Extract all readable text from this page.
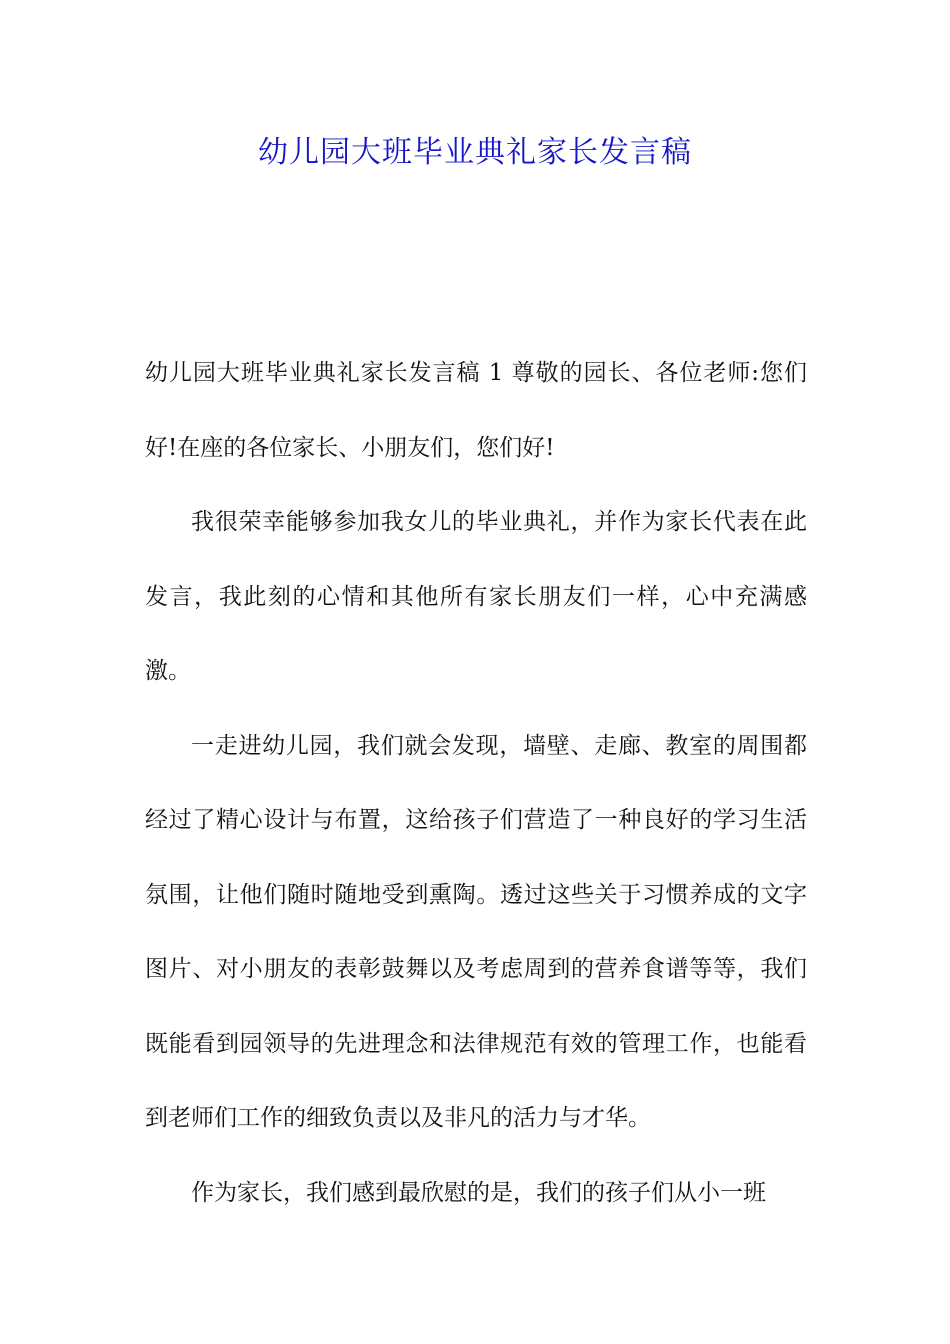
幼儿园大班毕业典礼家长发言稿

幼儿园大班毕业典礼家长发言稿 1 尊敬的园长、各位老师:您们好!在座的各位家长、小朋友们，您们好!

我很荣幸能够参加我女儿的毕业典礼，并作为家长代表在此发言，我此刻的心情和其他所有家长朋友们一样，心中充满感激。

一走进幼儿园，我们就会发现，墙壁、走廊、教室的周围都经过了精心设计与布置，这给孩子们营造了一种良好的学习生活氛围，让他们随时随地受到熏陶。透过这些关于习惯养成的文字图片、对小朋友的表彰鼓舞以及考虑周到的营养食谱等等，我们既能看到园领导的先进理念和法律规范有效的管理工作，也能看到老师们工作的细致负责以及非凡的活力与才华。

作为家长，我们感到最欣慰的是，我们的孩子们从小一班
